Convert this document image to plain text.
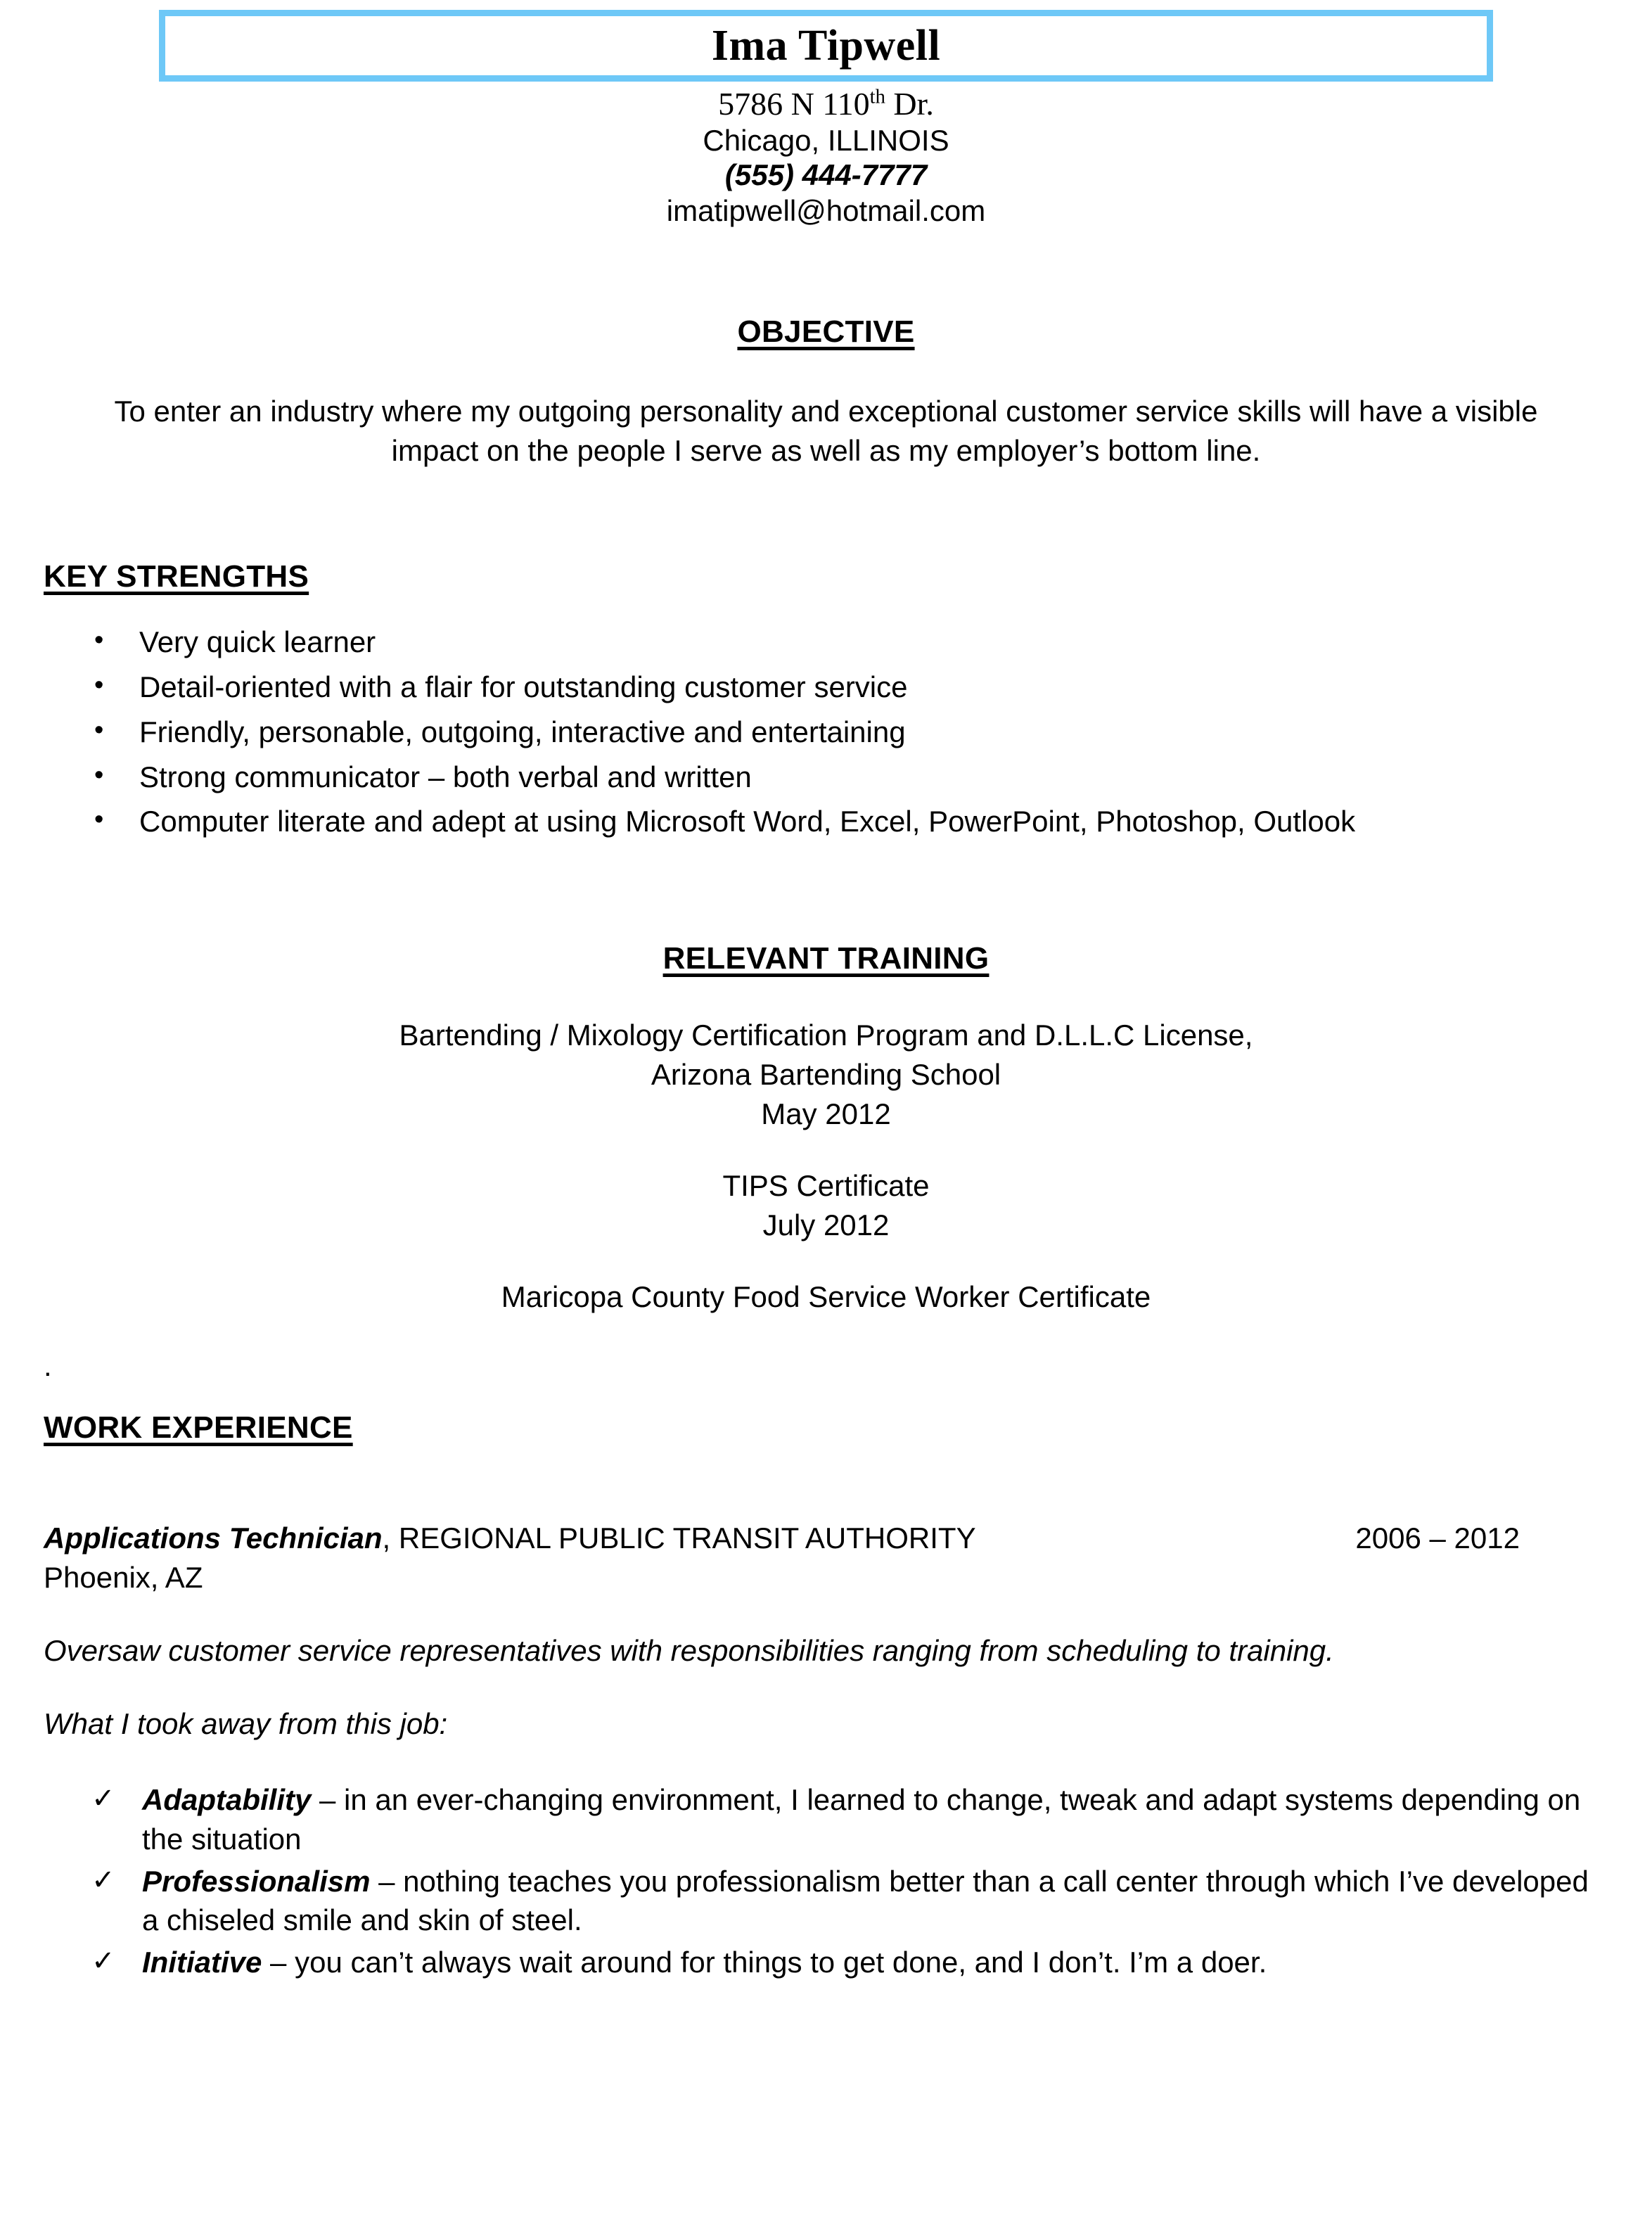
Ima Tipwell
5786 N 110th Dr.
Chicago, ILLINOIS
(555) 444-7777
imatipwell@hotmail.com
OBJECTIVE
To enter an industry where my outgoing personality and exceptional customer service skills will have a visible impact on the people I serve as well as my employer’s bottom line.
KEY STRENGTHS
• Very quick learner
• Detail-oriented with a flair for outstanding customer service
• Friendly, personable, outgoing, interactive and entertaining
• Strong communicator – both verbal and written
• Computer literate and adept at using Microsoft Word, Excel, PowerPoint, Photoshop, Outlook
RELEVANT TRAINING
Bartending / Mixology Certification Program and D.L.L.C License,
Arizona Bartending School
May 2012
TIPS Certificate
July 2012
Maricopa County Food Service Worker Certificate
.
WORK EXPERIENCE
Applications Technician, REGIONAL PUBLIC TRANSIT AUTHORITY	2006 – 2012
Phoenix, AZ
Oversaw customer service representatives with responsibilities ranging from scheduling to training.
What I took away from this job:
✓ Adaptability – in an ever-changing environment, I learned to change, tweak and adapt systems depending on the situation
✓ Professionalism – nothing teaches you professionalism better than a call center through which I’ve developed a chiseled smile and skin of steel.
✓ Initiative – you can’t always wait around for things to get done, and I don’t. I’m a doer.
